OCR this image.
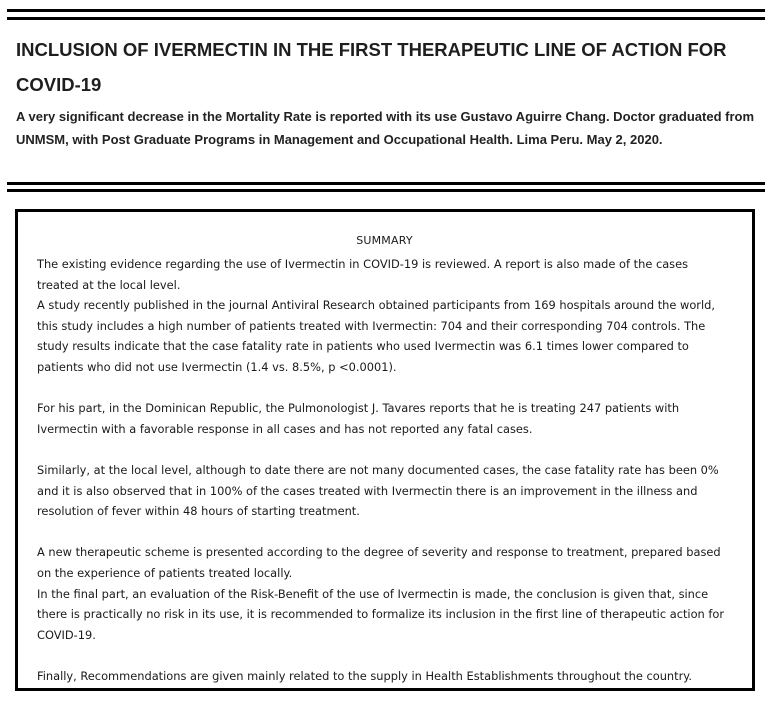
INCLUSION OF IVERMECTIN IN THE FIRST THERAPEUTIC LINE OF ACTION FOR COVID-19

A very significant decrease in the Mortality Rate is reported with its use Gustavo Aguirre Chang. Doctor graduated from UNMSM, with Post Graduate Programs in Management and Occupational Health. Lima Peru. May 2, 2020.

SUMMARY

The existing evidence regarding the use of Ivermectin in COVID-19 is reviewed. A report is also made of the cases treated at the local level.

A study recently published in the journal Antiviral Research obtained participants from 169 hospitals around the world, this study includes a high number of patients treated with Ivermectin: 704 and their corresponding 704 controls. The study results indicate that the case fatality rate in patients who used Ivermectin was 6.1 times lower compared to patients who did not use Ivermectin (1.4 vs. 8.5%, p <0.0001).

For his part, in the Dominican Republic, the Pulmonologist J. Tavares reports that he is treating 247 patients with Ivermectin with a favorable response in all cases and has not reported any fatal cases.

Similarly, at the local level, although to date there are not many documented cases, the case fatality rate has been 0% and it is also observed that in 100% of the cases treated with Ivermectin there is an improvement in the illness and resolution of fever within 48 hours of starting treatment.

A new therapeutic scheme is presented according to the degree of severity and response to treatment, prepared based on the experience of patients treated locally.

In the final part, an evaluation of the Risk-Benefit of the use of Ivermectin is made, the conclusion is given that, since there is practically no risk in its use, it is recommended to formalize its inclusion in the first line of therapeutic action for COVID-19.

Finally, Recommendations are given mainly related to the supply in Health Establishments throughout the country.
